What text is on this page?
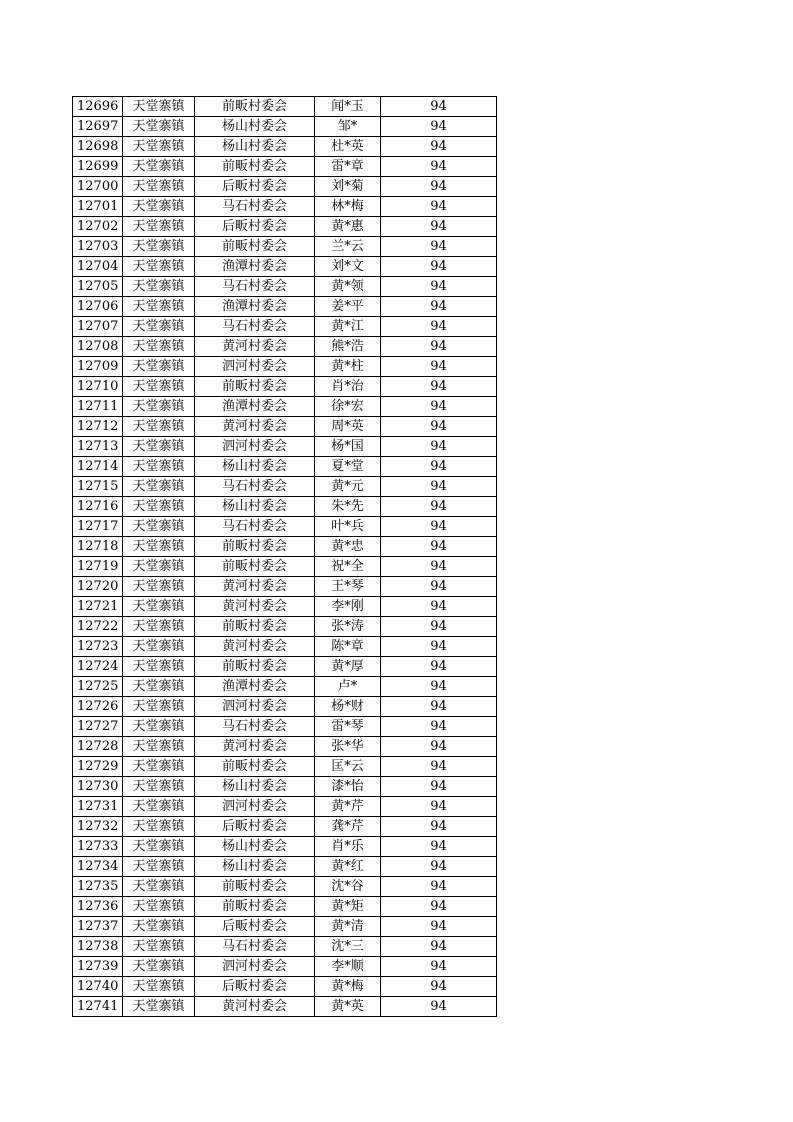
12696	天堂寨镇	前畈村委会	闻*玉	94
12697	天堂寨镇	杨山村委会	邹*	94
12698	天堂寨镇	杨山村委会	杜*英	94
12699	天堂寨镇	前畈村委会	雷*章	94
12700	天堂寨镇	后畈村委会	刘*菊	94
12701	天堂寨镇	马石村委会	林*梅	94
12702	天堂寨镇	后畈村委会	黄*惠	94
12703	天堂寨镇	前畈村委会	兰*云	94
12704	天堂寨镇	渔潭村委会	刘*文	94
12705	天堂寨镇	马石村委会	黄*领	94
12706	天堂寨镇	渔潭村委会	姜*平	94
12707	天堂寨镇	马石村委会	黄*江	94
12708	天堂寨镇	黄河村委会	熊*浩	94
12709	天堂寨镇	泗河村委会	黄*柱	94
12710	天堂寨镇	前畈村委会	肖*治	94
12711	天堂寨镇	渔潭村委会	徐*宏	94
12712	天堂寨镇	黄河村委会	周*英	94
12713	天堂寨镇	泗河村委会	杨*国	94
12714	天堂寨镇	杨山村委会	夏*堂	94
12715	天堂寨镇	马石村委会	黄*元	94
12716	天堂寨镇	杨山村委会	朱*先	94
12717	天堂寨镇	马石村委会	叶*兵	94
12718	天堂寨镇	前畈村委会	黄*忠	94
12719	天堂寨镇	前畈村委会	祝*全	94
12720	天堂寨镇	黄河村委会	王*琴	94
12721	天堂寨镇	黄河村委会	李*刚	94
12722	天堂寨镇	前畈村委会	张*涛	94
12723	天堂寨镇	黄河村委会	陈*章	94
12724	天堂寨镇	前畈村委会	黄*厚	94
12725	天堂寨镇	渔潭村委会	卢*	94
12726	天堂寨镇	泗河村委会	杨*财	94
12727	天堂寨镇	马石村委会	雷*琴	94
12728	天堂寨镇	黄河村委会	张*华	94
12729	天堂寨镇	前畈村委会	匡*云	94
12730	天堂寨镇	杨山村委会	漆*怡	94
12731	天堂寨镇	泗河村委会	黄*芹	94
12732	天堂寨镇	后畈村委会	龚*芹	94
12733	天堂寨镇	杨山村委会	肖*乐	94
12734	天堂寨镇	杨山村委会	黄*红	94
12735	天堂寨镇	前畈村委会	沈*谷	94
12736	天堂寨镇	前畈村委会	黄*矩	94
12737	天堂寨镇	后畈村委会	黄*清	94
12738	天堂寨镇	马石村委会	沈*三	94
12739	天堂寨镇	泗河村委会	李*顺	94
12740	天堂寨镇	后畈村委会	黄*梅	94
12741	天堂寨镇	黄河村委会	黄*英	94
